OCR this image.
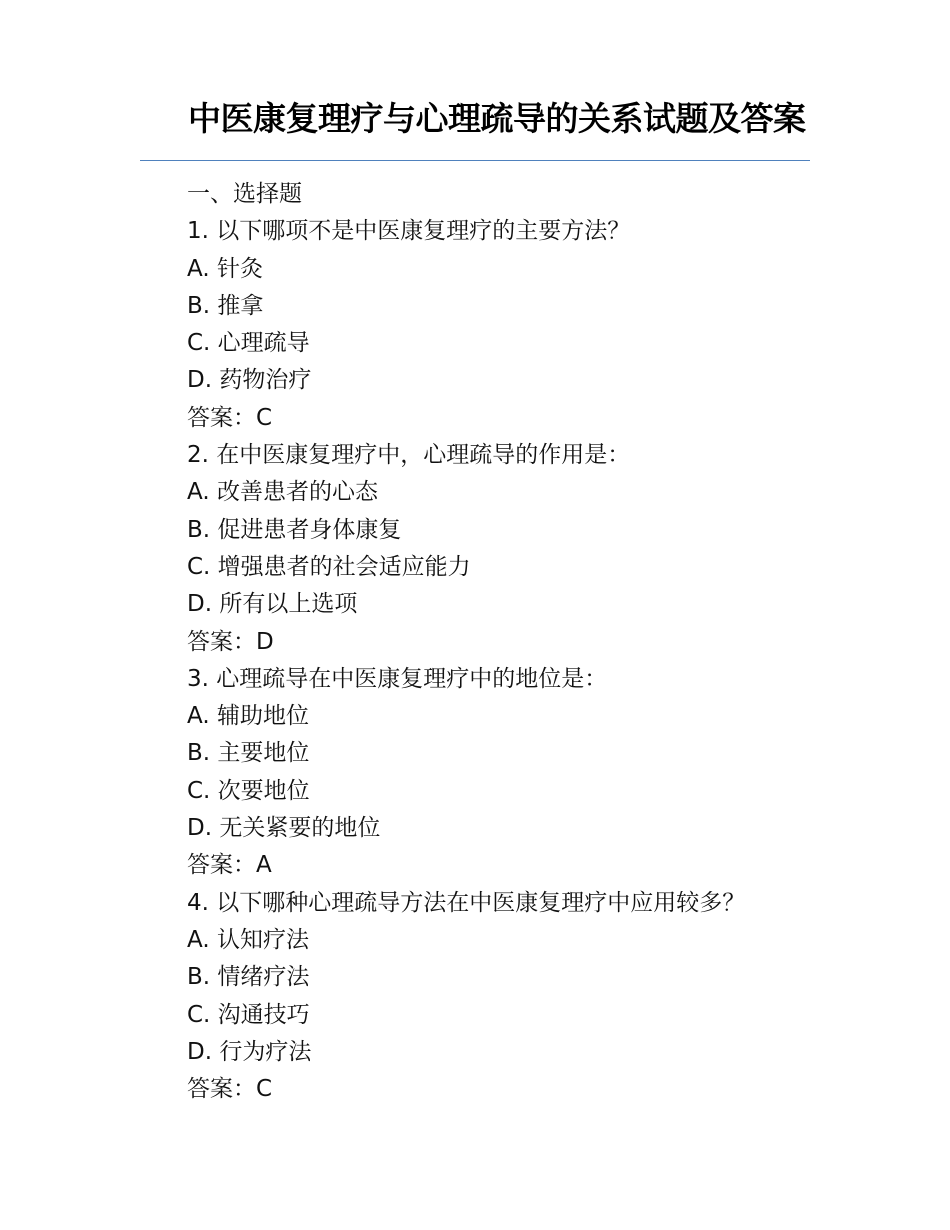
中医康复理疗与心理疏导的关系试题及答案

一、选择题

1. 以下哪项不是中医康复理疗的主要方法？

A. 针灸

B. 推拿

C. 心理疏导

D. 药物治疗

答案：C

2. 在中医康复理疗中，心理疏导的作用是：

A. 改善患者的心态

B. 促进患者身体康复

C. 增强患者的社会适应能力

D. 所有以上选项

答案：D

3. 心理疏导在中医康复理疗中的地位是：

A. 辅助地位

B. 主要地位

C. 次要地位

D. 无关紧要的地位

答案：A

4. 以下哪种心理疏导方法在中医康复理疗中应用较多？

A. 认知疗法

B. 情绪疗法

C. 沟通技巧

D. 行为疗法

答案：C
